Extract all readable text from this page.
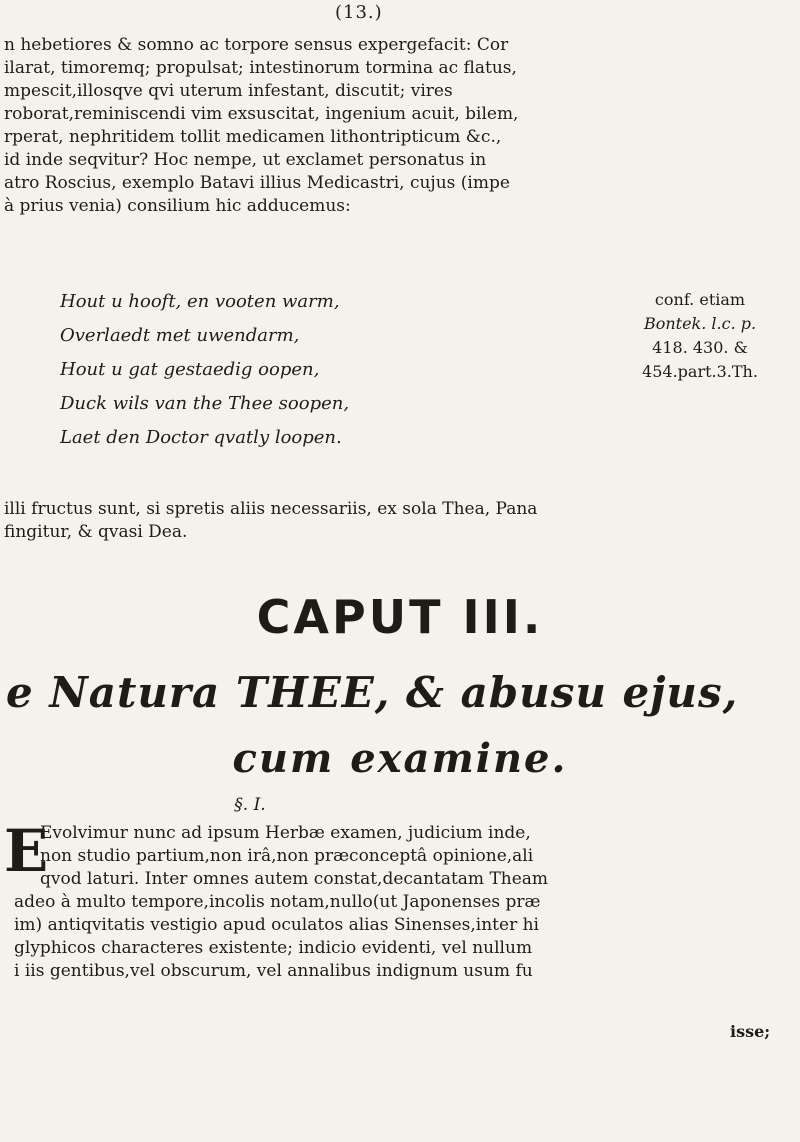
(13.)

n hebetiores & somno ac torpore sensus expergefacit: Cor

ilarat, timoremq; propulsat; intestinorum tormina ac flatus,

mpescit,illosqve qvi uterum infestant, discutit; vires

roborat,reminiscendi vim exsuscitat, ingenium acuit, bilem,

rperat, nephritidem tollit medicamen lithontripticum &c.,

id inde seqvitur? Hoc nempe, ut exclamet personatus in

atro Roscius, exemplo Batavi illius Medicastri, cujus (impe

à prius venia) consilium hic adducemus:

Hout u hooft, en vooten warm,

Overlaedt met uwendarm,

Hout u gat gestaedig oopen,

Duck wils van the Thee soopen,

Laet den Doctor qvatly loopen.

conf. etiam

Bontek. l.c. p.

418. 430. &

454.part.3.Th.

illi fructus sunt, si spretis aliis necessariis, ex sola Thea, Pana

fingitur, & qvasi Dea.

CAPUT III.
e Natura THEE, & abusu ejus,
cum examine.
§. I.
E

Evolvimur nunc ad ipsum Herbæ examen, judicium inde,

non studio partium,non irâ,non præconceptâ opinione,ali

qvod laturi. Inter omnes autem constat,decantatam Theam

adeo à multo tempore,incolis notam,nullo(ut Japonenses præ

im) antiqvitatis vestigio apud oculatos alias Sinenses,inter hi

glyphicos characteres existente; indicio evidenti, vel nullum

i iis gentibus,vel obscurum, vel annalibus indignum usum fu

isse;
